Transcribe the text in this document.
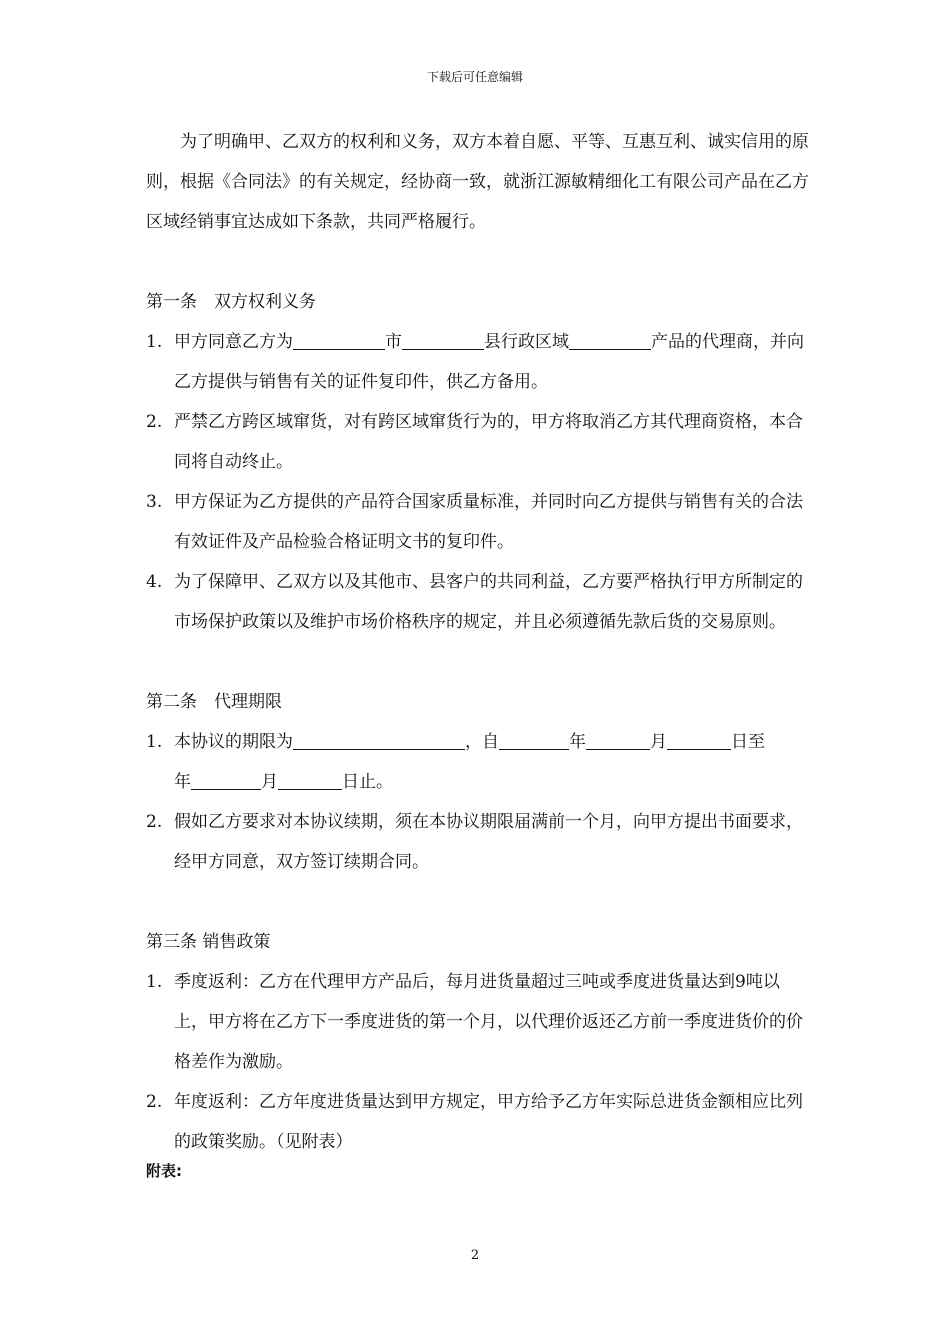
下载后可任意编辑

为了明确甲、乙双方的权利和义务，双方本着自愿、平等、互惠互利、诚实信用的原则，根据《合同法》的有关规定，经协商一致，就浙江源敏精细化工有限公司产品在乙方区域经销事宜达成如下条款，共同严格履行。

第一条　双方权利义务

1. 甲方同意乙方为	市	县行政区域	产品的代理商，并向乙方提供与销售有关的证件复印件，供乙方备用。
2. 严禁乙方跨区域窜货，对有跨区域窜货行为的，甲方将取消乙方其代理商资格，本合同将自动终止。
3. 甲方保证为乙方提供的产品符合国家质量标准，并同时向乙方提供与销售有关的合法有效证件及产品检验合格证明文书的复印件。
4. 为了保障甲、乙双方以及其他市、县客户的共同利益，乙方要严格执行甲方所制定的市场保护政策以及维护市场价格秩序的规定，并且必须遵循先款后货的交易原则。

第二条　代理期限

1. 本协议的期限为	，自	年	月	日至
年	月	日止。
2. 假如乙方要求对本协议续期，须在本协议期限届满前一个月，向甲方提出书面要求，经甲方同意，双方签订续期合同。

第三条 销售政策

1. 季度返利：乙方在代理甲方产品后，每月进货量超过三吨或季度进货量达到9吨以上，甲方将在乙方下一季度进货的第一个月，以代理价返还乙方前一季度进货价的价格差作为激励。
2. 年度返利：乙方年度进货量达到甲方规定，甲方给予乙方年实际总进货金额相应比列的政策奖励。（见附表）
附表:
2
